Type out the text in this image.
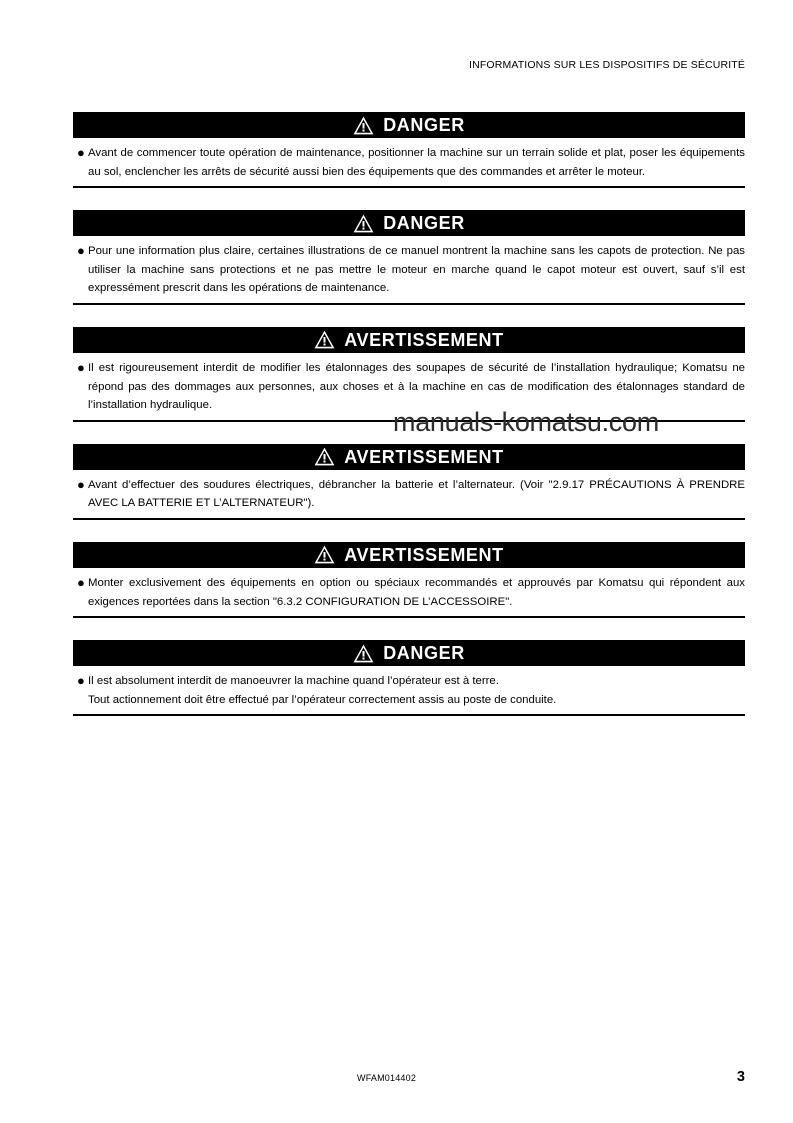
INFORMATIONS SUR LES DISPOSITIFS DE SÉCURITÉ
DANGER
● Avant de commencer toute opération de maintenance, positionner la machine sur un terrain solide et plat, poser les équipements au sol, enclencher les arrêts de sécurité aussi bien des équipements que des commandes et arrêter le moteur.
DANGER
● Pour une information plus claire, certaines illustrations de ce manuel montrent la machine sans les capots de protection. Ne pas utiliser la machine sans protections et ne pas mettre le moteur en marche quand le capot moteur est ouvert, sauf s’il est expressément prescrit dans les opérations de maintenance.
AVERTISSEMENT
● Il est rigoureusement interdit de modifier les étalonnages des soupapes de sécurité de l’installation hydraulique; Komatsu ne répond pas des dommages aux personnes, aux choses et à la machine en cas de modification des étalonnages standard de l’installation hydraulique.
AVERTISSEMENT
● Avant d’effectuer des soudures électriques, débrancher la batterie et l’alternateur. (Voir "2.9.17 PRÉCAUTIONS À PRENDRE AVEC LA BATTERIE ET L’ALTERNATEUR").
AVERTISSEMENT
● Monter exclusivement des équipements en option ou spéciaux recommandés et approuvés par Komatsu qui répondent aux exigences reportées dans la section "6.3.2 CONFIGURATION DE L’ACCESSOIRE".
DANGER
● Il est absolument interdit de manoeuvrer la machine quand l’opérateur est à terre.
Tout actionnement doit être effectué par l’opérateur correctement assis au poste de conduite.
manuals-komatsu.com
WFAM014402	3
